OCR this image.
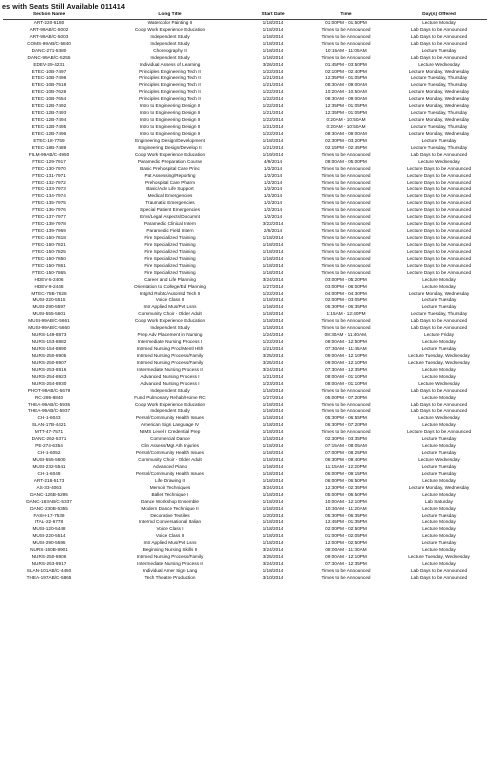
es with Seats Still Available 011414
Section Name	Long Title	Start Date	Time	Day(s) Offered
ART-220-5180	Watercolor Painting II	1/18/2014	01:00PM - 01:50PM	Lecture Monday
ART-99AB/C-5002	Coop Work Experience Education	1/18/2014	Times to be Announced	Lab Days to be Announced
ART-99AB/C-5003	Independent Study	1/18/2014	Times to be Announced	Lab Days to be Announced
COMS-99AB/C-5840	Independent Study	1/18/2014	Times to be Announced	Lab Days to be Announced
DANC-271-5380	Choreography II	1/18/2014	10:15AM - 11:05AM	Lecture Tuesday
DANC-99AB/C-5255	Independent Study	1/18/2014	Times to be Announced	Lab Days to be Announced
EDEV-29-4231	Individual Assess of Learning	3/26/2014	01:45PM - 03:50PM	Lecture Wednesday
ETEC-10B-7497	Principles Engineering Tech II	1/22/2014	02:10PM - 02:40PM	Lecture Monday, Wednesday
ETEC-10B-7498	Principles Engineering Tech II	1/21/2014	12:35PM - 01:05PM	Lecture Tuesday, Thursday
ETEC-10B-7518	Principles Engineering Tech II	1/21/2014	08:30AM - 09:00AM	Lecture Tuesday, Thursday
ETEC-10B-7629	Principles Engineering Tech II	1/22/2014	10:20AM - 10:50AM	Lecture Monday, Wednesday
ETEC-10B-7654	Principles Engineering Tech II	1/22/2014	08:30AM - 09:00AM	Lecture Monday, Wednesday
ETEC-12B-7492	Intro to Engineering Design II	1/22/2014	12:35PM - 01:05PM	Lecture Monday, Wednesday
ETEC-12B-7493	Intro to Engineering Design II	1/21/2014	12:35PM - 01:05PM	Lecture Tuesday, Thursday
ETEC-12B-7494	Intro to Engineering Design II	1/22/2014	0:20AM - 10:50AM	Lecture Monday, Wednesday
ETEC-12B-7495	Intro to Engineering Design II	1/21/2014	0:20AM - 10:50AM	Lecture Tuesday, Thursday
ETEC-12B-7496	Intro to Engineering Design II	1/22/2014	08:30AM - 09:00AM	Lecture Monday, Wednesday
ETEC-18-7759	Engineering Design/Development	1/18/2014	02:30PM - 03:20PM	Lecture Tuesday
ETEC-18B-7489	Engineering Design/Develop II	1/21/2014	02:15PM - 02:45PM	Lecture Tuesday, Thursday
FILM-99AB/C-4950	Coop Work Experience Education	1/19/2014	Times to be Announced	Lab Days to be Announced
FTEC-129-7917	Paramedic Preparation Course	4/9/2014	08:00AM - 05:00PM	Lecture Wednesday
FTEC-130-7970	Basic Prehospital Care Princ	1/2/2014	Times to be Announced	Lecture Days to be Announced
FTEC-131-7971	Pat Assessing/Reporting	1/2/2014	Times to be Announced	Lecture Days to be Announced
FTEC-132-7972	Prehospital Care Pharm	1/2/2014	Times to be Announced	Lecture Days to be Announced
FTEC-133-7973	Basic/Adv Life Support	1/2/2014	Times to be Announced	Lecture Days to be Announced
FTEC-134-7974	Medical Emergencies	1/2/2014	Times to be Announced	Lecture Days to be Announced
FTEC-135-7975	Traumatic Emergencies	1/2/2014	Times to be Announced	Lecture Days to be Announced
FTEC-136-7976	Special Patient Emergencies	1/2/2014	Times to be Announced	Lecture Days to be Announced
FTEC-137-7977	Ems/Legal Aspects/Documnt	1/2/2014	Times to be Announced	Lecture Days to be Announced
FTEC-138-7978	Paramedic Clinical Intern	3/22/2014	Times to be Announced	Lecture Days to be Announced
FTEC-139-7969	Paramedic Field Intern	2/6/2014	Times to be Announced	Lecture Days to be Announced
FTEC-150-7818	Fire Specialized Training	1/18/2014	Times to be Announced	Lecture Days to be Announced
FTEC-150-7821	Fire Specialized Training	1/18/2014	Times to be Announced	Lecture Days to be Announced
FTEC-150-7825	Fire Specialized Training	1/18/2014	Times to be Announced	Lecture Days to be Announced
FTEC-150-7850	Fire Specialized Training	1/18/2014	Times to be Announced	Lecture Days to be Announced
FTEC-150-7861	Fire Specialized Training	1/18/2014	Times to be Announced	Lecture Days to be Announced
FTEC-150-7865	Fire Specialized Training	1/18/2014	Times to be Announced	Lecture Days to be Announced
HDEV-5-2406	Career and Life Planning	3/24/2014	03:00PM - 05:20PM	Lecture Monday
HDEV-9-2448	Orientation to College/Ed Planning	1/27/2014	03:00PM - 06:00PM	Lecture Monday
MTEC-75B-7628	Intgrtd Robtc/Automtd Tech II	1/22/2014	04:00PM - 04:30PM	Lecture Monday, Wednesday
MUSI-220-5515	Voice Class II	1/18/2014	02:00PM - 03:05PM	Lecture Tuesday
MUSI-290-5597	Intr Applied Mus/Pvt Lsns	1/18/2014	05:30PM - 06:35PM	Lecture Tuesday
MUSI-555-5601	Community Choir - Older Adult	1/18/2014	1:15AM - 12:40PM	Lecture Tuesday, Thursday
MUSI-99AB/C-5661	Coop Work Experience Education	1/18/2014	Times to be Announced	Lab Days to be Announced
MUSI-99AB/C-5660	Independent Study	1/18/2014	Times to be Announced	Lab Days to be Announced
NURS-149-8873	Prep Adv Placement in Nursing	1/24/2014	08:30AM - 11:40AM,	Lecture Friday
NURS-153-8882	Intermediate Nursing Process I	1/22/2014	08:00AM - 12:50PM	Lecture Monday
NURS-154-8890	Intrmed Nursing Proc/Mentl Hlth	1/21/2014	07:30AM - 11:45AM	Lecture Tuesday
NURS-250-8905	Intrmed Nursing Process/Family	3/25/2014	09:00AM - 12:10PM	Lecture Tuesday, Wednesday
NURS-250-8907	Intrmed Nursing Process/Family	3/25/2014	09:00AM - 12:10PM	Lecture Tuesday, Wednesday
NURS-253-8916	Intermediate Nursing Process II	3/24/2014	07:30AM - 12:35PM	Lecture Monday
NURS-254-8923	Advanced Nursing Process I	1/21/2014	08:00AM - 01:10PM	Lecture Monday
NURS-254-8930	Advanced Nursing Process I	1/23/2014	08:00AM - 01:10PM	Lecture Wednesday
PHOT-99AB/C-5679	Independent Study	1/18/2014	Times to be Announced	Lab Days to be Announced
RC-295-8840	Fund Pulmonary Rehab/Home RC	1/27/2014	05:00PM - 07:20PM	Lecture Monday
THEA-99AB/C-5935	Coop Work Experience Education	1/18/2014	Times to be Announced	Lab Days to be Announced
THEA-99AB/C-5937	Independent Study	1/18/2014	Times to be Announced	Lab Days to be Announced
CH-1-6043	Persnl/Community Health Issues	1/18/2014	05:30PM - 06:55PM	Lecture Wednesday
SLAN-17B-4421	American Sign Language IV	1/18/2014	06:30PM - 07:20PM	Lecture Monday
MTT-47-7571	NIMS Level I Credential Prep	1/18/2014	Times to be Announced	Lecture Days to be Announced
DANC-262-5371	Commercial Dance	1/18/2014	02:30PM - 03:35PM	Lecture Tuesday
PE-274-6354	Clin Assess/Mgt Ath Injuries	1/18/2014	07:15AM - 08:05AM	Lecture Monday
CH-1-6052	Persnl/Community Health Issues	1/18/2014	07:00PM - 08:25PM	Lecture Tuesday
MUSI-555-5600	Community Choir - Older Adult	1/18/2014	06:30PM - 09:40PM	Lecture Wednesday
MUSI-232-5541	Advanced Piano	1/18/2014	11:15AM - 12:20PM	Lecture Tuesday
CH-1-6048	Persnl/Community Health Issues	1/18/2014	06:00PM - 09:15PM	Lecture Tuesday
ART-218-5173	Life Drawing II	1/18/2014	06:00PM - 06:50PM	Lecture Monday
AS-33-4063	Memoir Techniques	3/24/2014	12:30PM - 02:35PM	Lecture Monday, Wednesday
DANC-126B-5295	Ballet Technique I	1/18/2014	05:00PM - 05:50PM	Lecture Monday
DANC-183AB/C-5337	Dance Workshop Ensemble	1/18/2014	10:00AM - 12:10PM	Lab Saturday
DANC-230B-5355	Modern Dance Technique II	1/18/2014	10:30AM - 11:20AM	Lecture Monday
FASH-17-7539	Decorative Textiles	1/20/2014	05:30PM - 06:35PM	Lecture Tuesday
ITAL-22-6778	Intermd Conversational Italian	1/18/2014	12:45PM - 01:35PM	Lecture Monday
MUSI-120-5448	Voice Class I	1/18/2014	02:00PM - 02:50PM	Lecture Monday
MUSI-220-5514	Voice Class II	1/18/2014	01:00PM - 02:05PM	Lecture Monday
MUSI-290-5595	Intr Applied Mus/Pvt Lsns	1/18/2014	12:00PM - 02:50PM	Lecture Tuesday
NURS-150B-8901	Beginning Nursing Skills II	3/24/2014	08:00AM - 11:30AM	Lecture Monday
NURS-250-8906	Intrmed Nursing Process/Family	3/25/2014	09:00AM - 12:10PM	Lecture Tuesday, Wednesday
NURS-253-8917	Intermediate Nursing Process II	3/24/2014	07:30AM - 12:35PM	Lecture Monday
SLAN-101AB/C-4450	Individual Amer Sign Lang	1/18/2014	Times to be Announced	Lab Days to be Announced
THEA-197AB/C-5865	Tech Theatre Production	3/10/2014	Times to be Announced	Lab Days to be Announced
